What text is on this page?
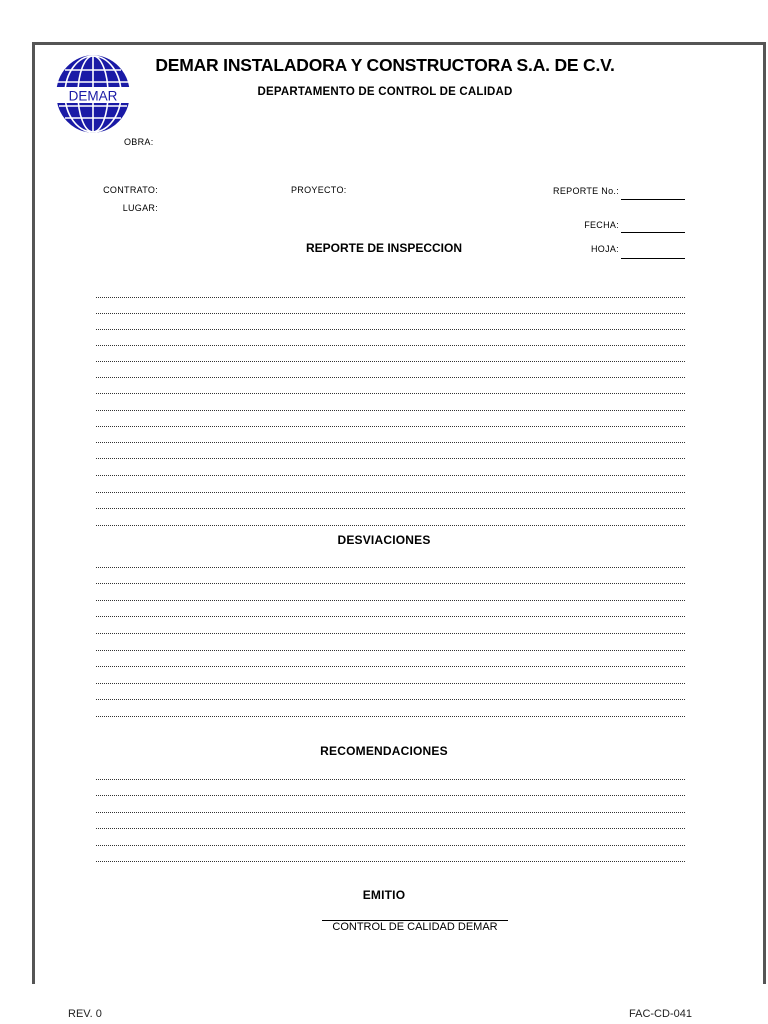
DEMAR
DEMAR INSTALADORA Y CONSTRUCTORA S.A. DE C.V.
DEPARTAMENTO DE CONTROL DE CALIDAD
OBRA:
CONTRATO:
LUGAR:
PROYECTO:	REPORTE No.:
FECHA:
HOJA:
REPORTE DE INSPECCION
DESVIACIONES
RECOMENDACIONES
EMITIO
CONTROL DE CALIDAD DEMAR
REV. 0	FAC-CD-041
